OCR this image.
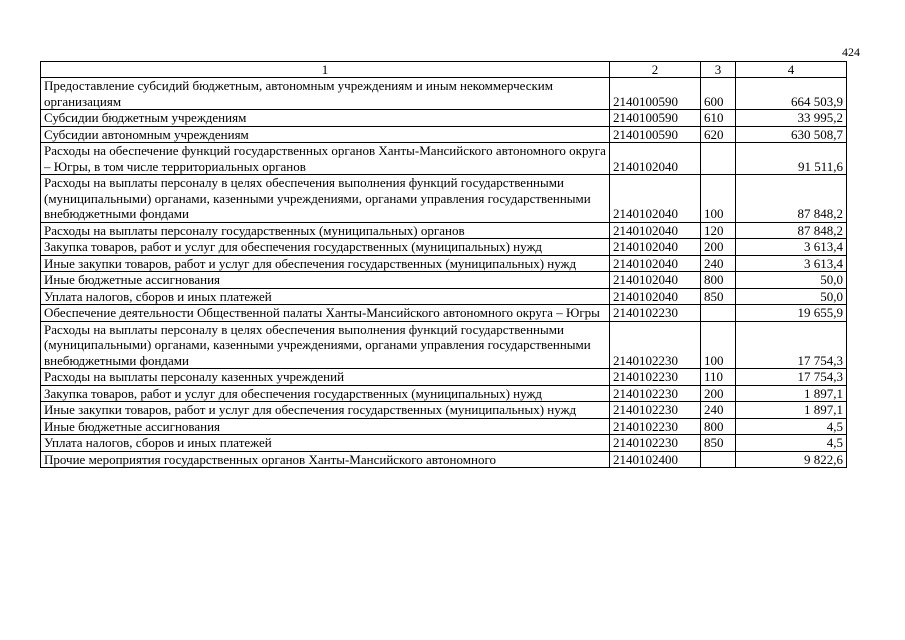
424
1	2	3	4
Предоставление субсидий бюджетным, автономным учреждениям и иным некоммерческим организациям	2140100590	600	664 503,9
Субсидии бюджетным учреждениям	2140100590	610	33 995,2
Субсидии автономным учреждениям	2140100590	620	630 508,7
Расходы на обеспечение функций государственных органов Ханты-Мансийского автономного округа – Югры, в том числе территориальных органов	2140102040		91 511,6
Расходы на выплаты персоналу в целях обеспечения выполнения функций государственными (муниципальными) органами, казенными учреждениями, органами управления государственными внебюджетными фондами	2140102040	100	87 848,2
Расходы на выплаты персоналу государственных (муниципальных) органов	2140102040	120	87 848,2
Закупка товаров, работ и услуг для обеспечения государственных (муниципальных) нужд	2140102040	200	3 613,4
Иные закупки товаров, работ и услуг для обеспечения государственных (муниципальных) нужд	2140102040	240	3 613,4
Иные бюджетные ассигнования	2140102040	800	50,0
Уплата налогов, сборов и иных платежей	2140102040	850	50,0
Обеспечение деятельности Общественной палаты Ханты-Мансийского автономного округа – Югры	2140102230		19 655,9
Расходы на выплаты персоналу в целях обеспечения выполнения функций государственными (муниципальными) органами, казенными учреждениями, органами управления государственными внебюджетными фондами	2140102230	100	17 754,3
Расходы на выплаты персоналу казенных учреждений	2140102230	110	17 754,3
Закупка товаров, работ и услуг для обеспечения государственных (муниципальных) нужд	2140102230	200	1 897,1
Иные закупки товаров, работ и услуг для обеспечения государственных (муниципальных) нужд	2140102230	240	1 897,1
Иные бюджетные ассигнования	2140102230	800	4,5
Уплата налогов, сборов и иных платежей	2140102230	850	4,5
Прочие мероприятия государственных органов Ханты-Мансийского автономного	2140102400		9 822,6
